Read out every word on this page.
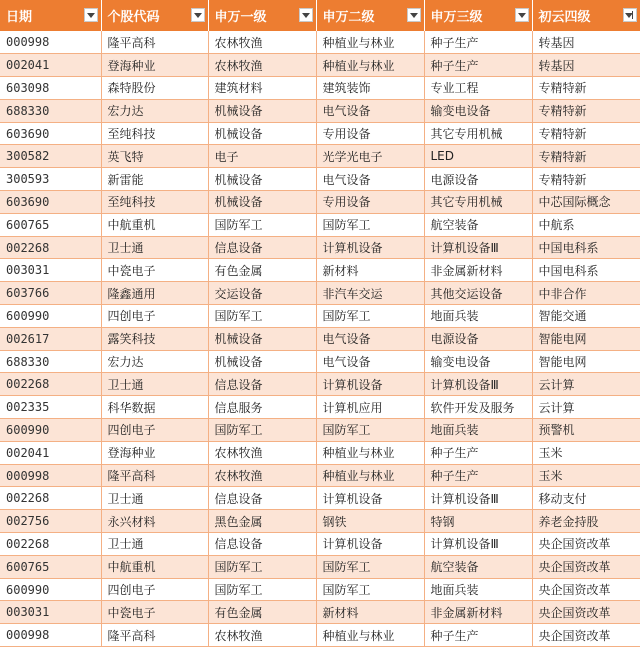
日期	个股代码	申万一级	申万二级	申万三级	初云四级

000998	隆平高科	农林牧渔	种植业与林业	种子生产	转基因
002041	登海种业	农林牧渔	种植业与林业	种子生产	转基因
603098	森特股份	建筑材料	建筑装饰	专业工程	专精特新
688330	宏力达	机械设备	电气设备	输变电设备	专精特新
603690	至纯科技	机械设备	专用设备	其它专用机械	专精特新
300582	英飞特	电子	光学光电子	LED	专精特新
300593	新雷能	机械设备	电气设备	电源设备	专精特新
603690	至纯科技	机械设备	专用设备	其它专用机械	中芯国际概念
600765	中航重机	国防军工	国防军工	航空装备	中航系
002268	卫士通	信息设备	计算机设备	计算机设备Ⅲ	中国电科系
003031	中瓷电子	有色金属	新材料	非金属新材料	中国电科系
603766	隆鑫通用	交运设备	非汽车交运	其他交运设备	中非合作
600990	四创电子	国防军工	国防军工	地面兵装	智能交通
002617	露笑科技	机械设备	电气设备	电源设备	智能电网
688330	宏力达	机械设备	电气设备	输变电设备	智能电网
002268	卫士通	信息设备	计算机设备	计算机设备Ⅲ	云计算
002335	科华数据	信息服务	计算机应用	软件开发及服务	云计算
600990	四创电子	国防军工	国防军工	地面兵装	预警机
002041	登海种业	农林牧渔	种植业与林业	种子生产	玉米
000998	隆平高科	农林牧渔	种植业与林业	种子生产	玉米
002268	卫士通	信息设备	计算机设备	计算机设备Ⅲ	移动支付
002756	永兴材料	黑色金属	钢铁	特钢	养老金持股
002268	卫士通	信息设备	计算机设备	计算机设备Ⅲ	央企国资改革
600765	中航重机	国防军工	国防军工	航空装备	央企国资改革
600990	四创电子	国防军工	国防军工	地面兵装	央企国资改革
003031	中瓷电子	有色金属	新材料	非金属新材料	央企国资改革
000998	隆平高科	农林牧渔	种植业与林业	种子生产	央企国资改革
